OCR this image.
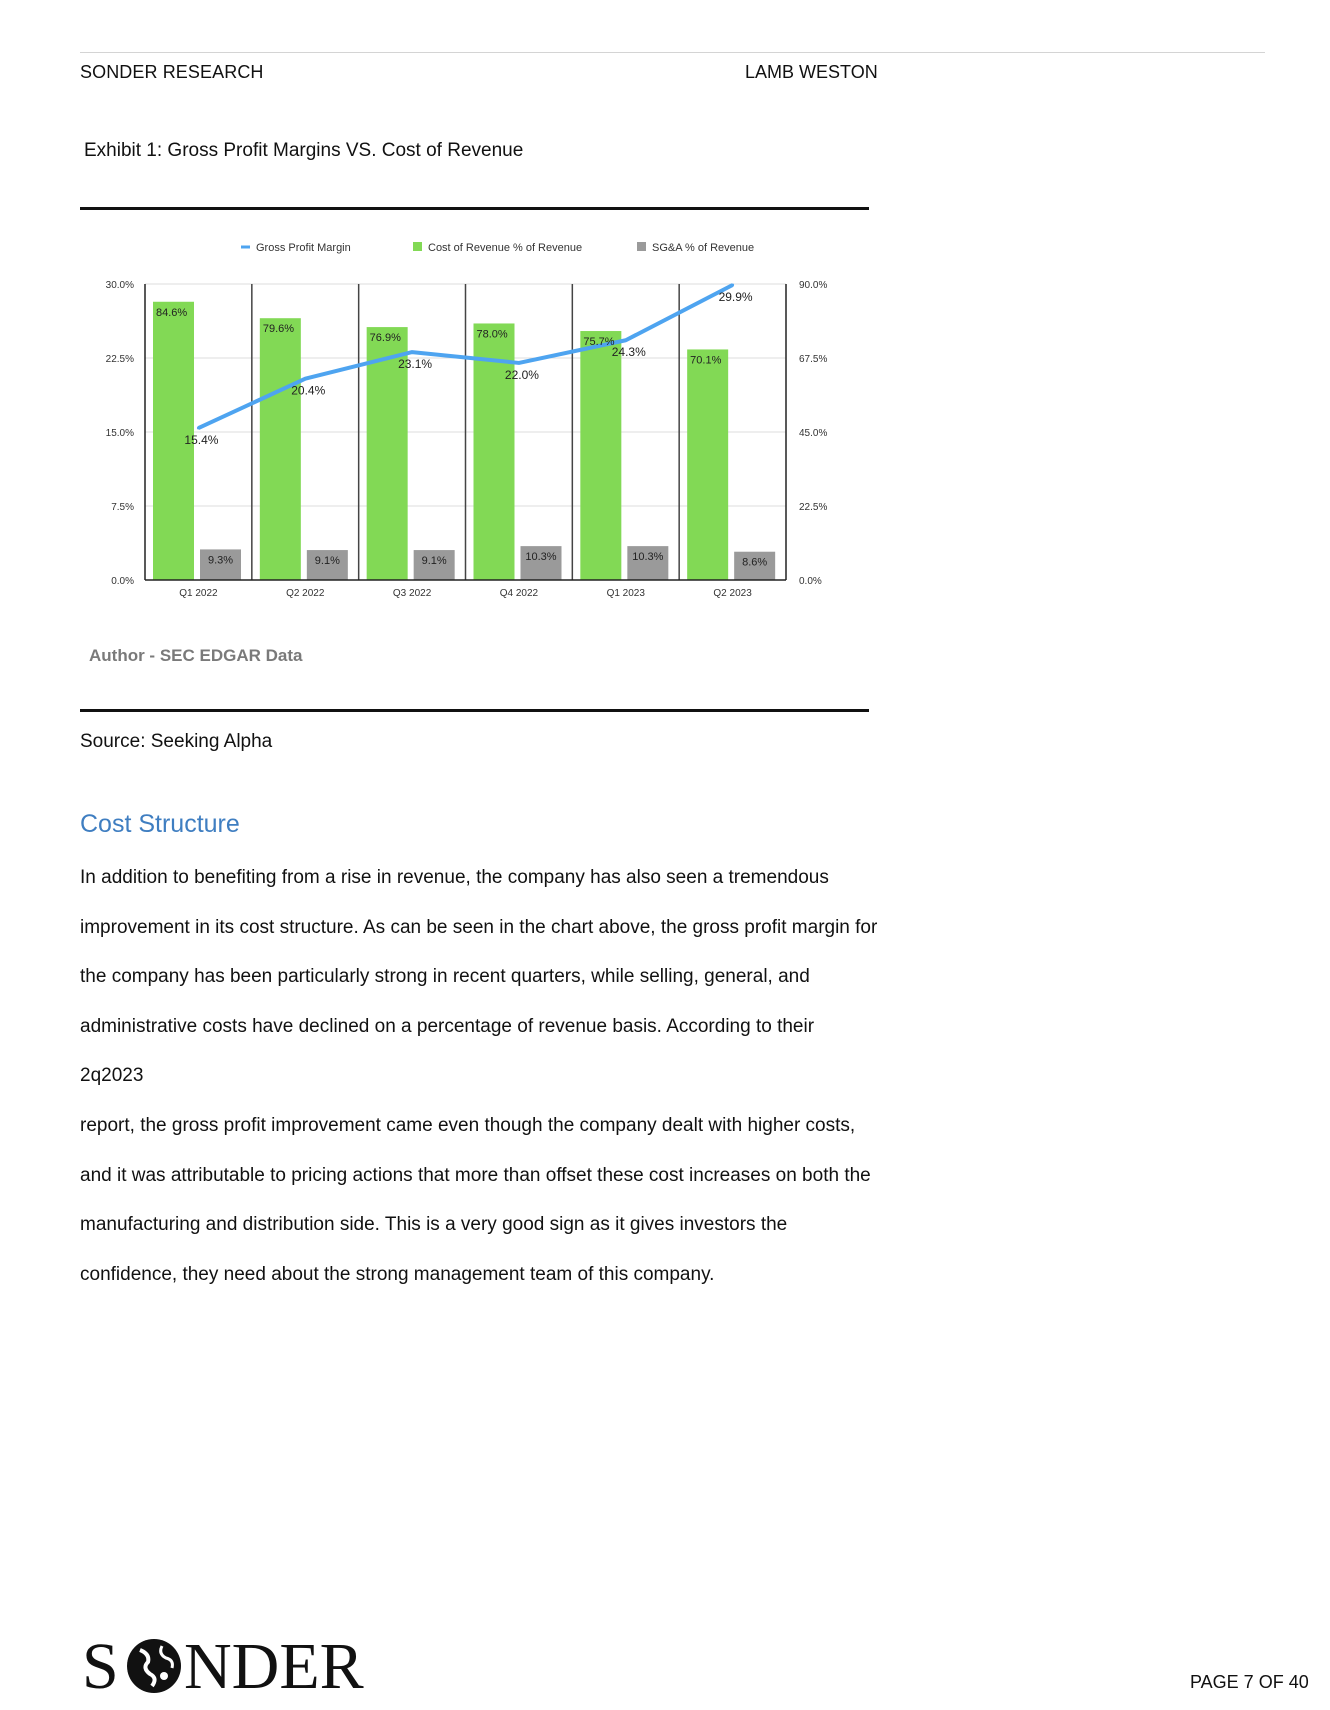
SONDER RESEARCH	LAMB WESTON
Exhibit 1: Gross Profit Margins VS. Cost of Revenue
Gross Profit Margin	Cost of Revenue % of Revenue	SG&A % of Revenue
84.6%
9.3%
79.6%
9.1%
76.9%
9.1%
78.0%
10.3%
75.7%
10.3%
70.1%
8.6%
15.4%
20.4%
23.1%
22.0%
24.3%
29.9%
0.0%
7.5%
15.0%
22.5%
30.0%
0.0%
22.5%
45.0%
67.5%
90.0%
Q1 2022	Q2 2022	Q3 2022	Q4 2022	Q1 2023	Q2 2023
Author - SEC EDGAR Data
Source: Seeking Alpha
Cost Structure
In addition to benefiting from a rise in revenue, the company has also seen a tremendous
improvement in its cost structure. As can be seen in the chart above, the gross profit margin for
the company has been particularly strong in recent quarters, while selling, general, and
administrative costs have declined on a percentage of revenue basis. According to their 2q2023
report, the gross profit improvement came even though the company dealt with higher costs,
and it was attributable to pricing actions that more than offset these cost increases on both the
manufacturing and distribution side. This is a very good sign as it gives investors the
confidence, they need about the strong management team of this company.
S NDER	PAGE 7 OF 40
